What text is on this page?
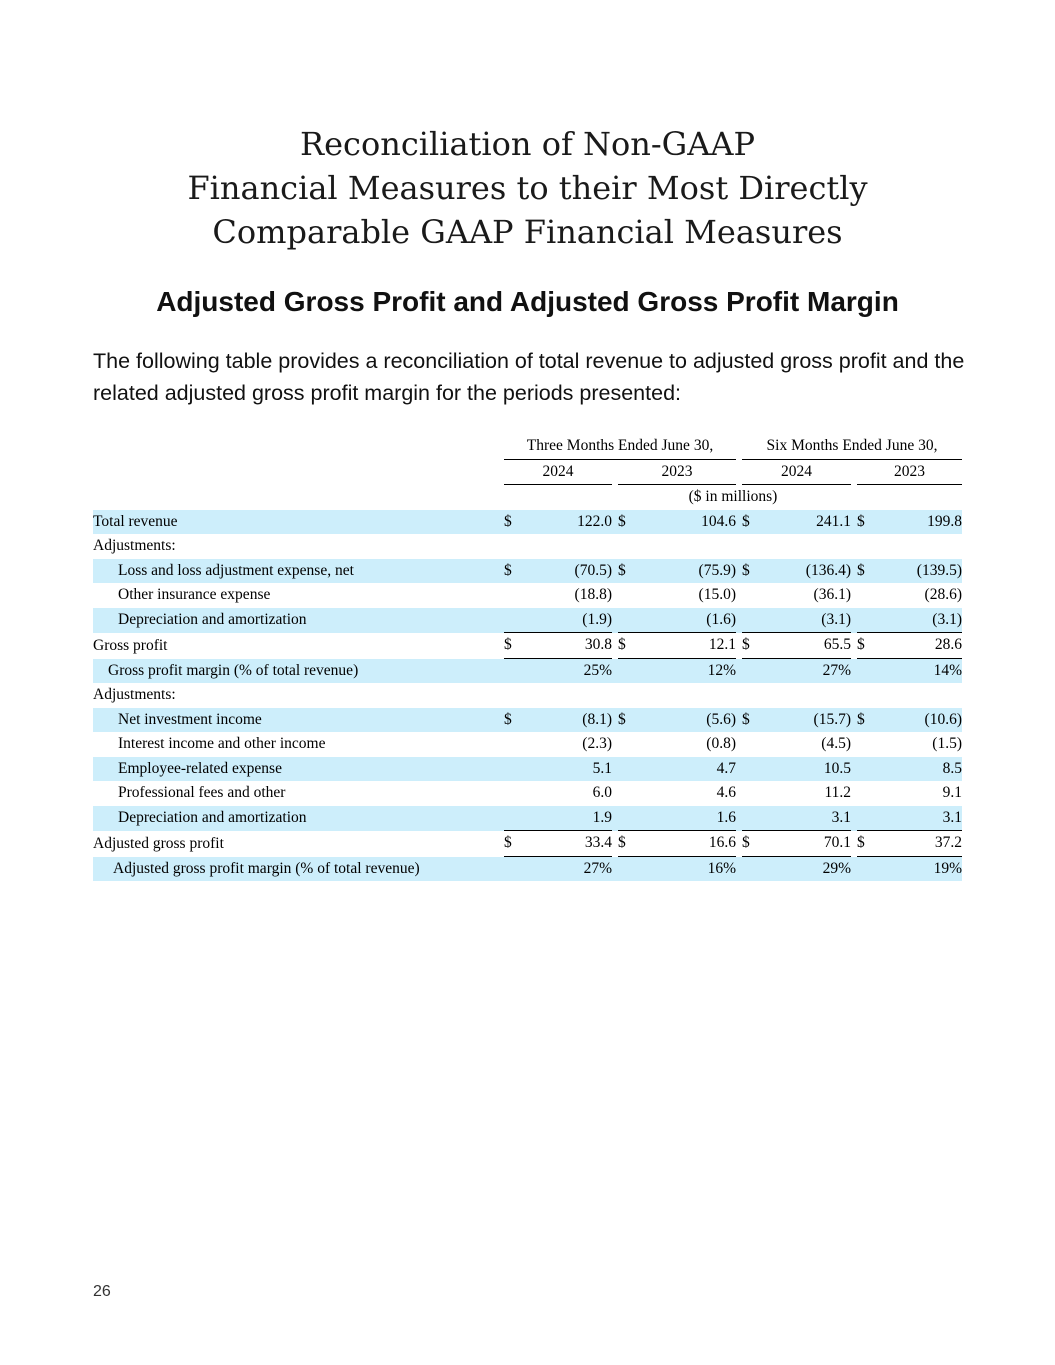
Reconciliation of Non-GAAP
Financial Measures to their Most Directly
Comparable GAAP Financial Measures
Adjusted Gross Profit and Adjusted Gross Profit Margin

The following table provides a reconciliation of total revenue to adjusted gross profit and the related adjusted gross profit margin for the periods presented:

		Three Months Ended June 30,						Six Months Ended June 30,				
		2024			2023			2024			2023	
		($ in millions)										
Total revenue		$	122.0		$	104.6		$	241.1		$	199.8
Adjustments:												
Loss and loss adjustment expense, net		$	(70.5)		$	(75.9)		$	(136.4)		$	(139.5)
Other insurance expense			(18.8)			(15.0)			(36.1)			(28.6)
Depreciation and amortization			(1.9)			(1.6)			(3.1)			(3.1)
Gross profit		$	30.8		$	12.1		$	65.5		$	28.6
Gross profit margin (% of total revenue)			25%			12%			27%			14%
Adjustments:												
Net investment income		$	(8.1)		$	(5.6)		$	(15.7)		$	(10.6)
Interest income and other income			(2.3)			(0.8)			(4.5)			(1.5)
Employee-related expense			5.1			4.7			10.5			8.5
Professional fees and other			6.0			4.6			11.2			9.1
Depreciation and amortization			1.9			1.6			3.1			3.1
Adjusted gross profit		$	33.4		$	16.6		$	70.1		$	37.2
Adjusted gross profit margin (% of total revenue)			27%			16%			29%			19%

26
